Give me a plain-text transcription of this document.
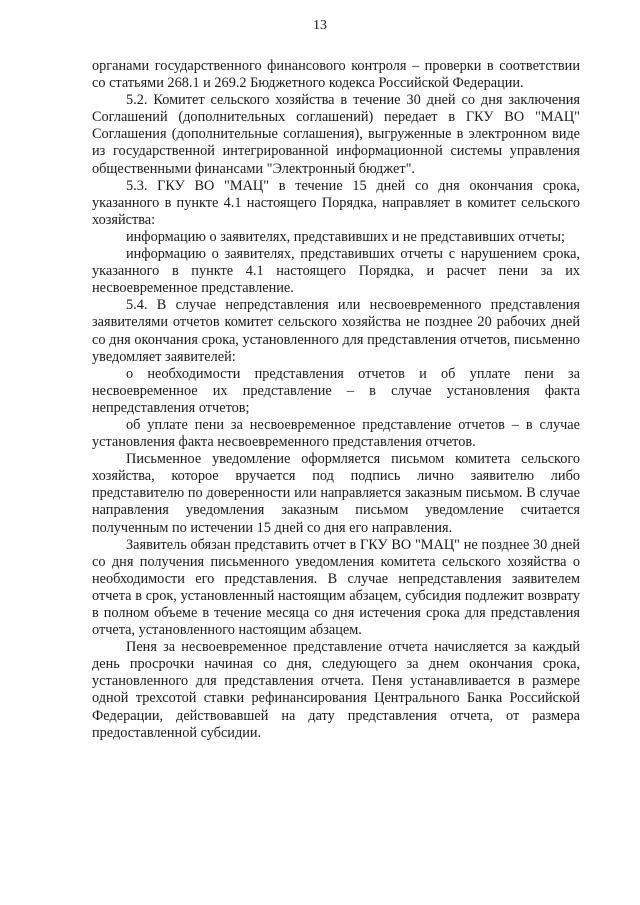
13

органами государственного финансового контроля – проверки в соответствии со статьями 268.1 и 269.2 Бюджетного кодекса Российской Федерации.

5.2. Комитет сельского хозяйства в течение 30 дней со дня заключения Соглашений (дополнительных соглашений) передает в ГКУ ВО "МАЦ" Соглашения (дополнительные соглашения), выгруженные в электронном виде из государственной интегрированной информационной системы управления общественными финансами "Электронный бюджет".

5.3. ГКУ ВО "МАЦ" в течение 15 дней со дня окончания срока, указанного в пункте 4.1 настоящего Порядка, направляет в комитет сельского хозяйства:

информацию о заявителях, представивших и не представивших отчеты;

информацию о заявителях, представивших отчеты с нарушением срока, указанного в пункте 4.1 настоящего Порядка, и расчет пени за их несвоевременное представление.

5.4. В случае непредставления или несвоевременного представления заявителями отчетов комитет сельского хозяйства не позднее 20 рабочих дней со дня окончания срока, установленного для представления отчетов, письменно уведомляет заявителей:

о необходимости представления отчетов и об уплате пени за несвоевременное их представление – в случае установления факта непредставления отчетов;

об уплате пени за несвоевременное представление отчетов – в случае установления факта несвоевременного представления отчетов.

Письменное уведомление оформляется письмом комитета сельского хозяйства, которое вручается под подпись лично заявителю либо представителю по доверенности или направляется заказным письмом. В случае направления уведомления заказным письмом уведомление считается полученным по истечении 15 дней со дня его направления.

Заявитель обязан представить отчет в ГКУ ВО "МАЦ" не позднее 30 дней со дня получения письменного уведомления комитета сельского хозяйства о необходимости его представления. В случае непредставления заявителем отчета в срок, установленный настоящим абзацем, субсидия подлежит возврату в полном объеме в течение месяца со дня истечения срока для представления отчета, установленного настоящим абзацем.

Пеня за несвоевременное представление отчета начисляется за каждый день просрочки начиная со дня, следующего за днем окончания срока, установленного для представления отчета. Пеня устанавливается в размере одной трехсотой ставки рефинансирования Центрального Банка Российской Федерации, действовавшей на дату представления отчета, от размера предоставленной субсидии.
